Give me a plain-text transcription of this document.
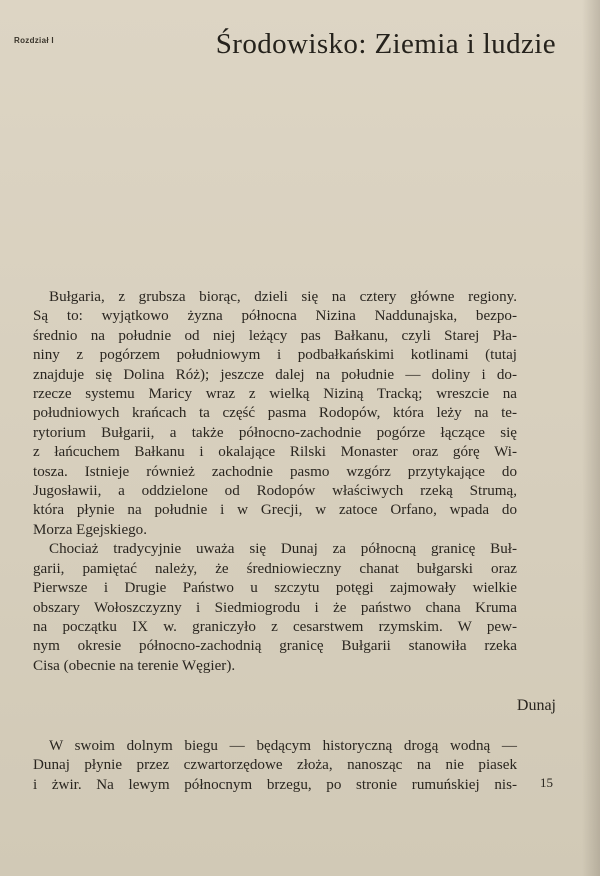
Rozdział I	Środowisko: Ziemia i ludzie

Bułgaria, z grubsza biorąc, dzieli się na cztery główne regiony.
Są to: wyjątkowo żyzna północna Nizina Naddunajska, bezpo-
średnio na południe od niej leżący pas Bałkanu, czyli Starej Pła-
niny z pogórzem południowym i podbałkańskimi kotlinami (tutaj
znajduje się Dolina Róż); jeszcze dalej na południe — doliny i do-
rzecze systemu Maricy wraz z wielką Niziną Tracką; wreszcie na
południowych krańcach ta część pasma Rodopów, która leży na te-
rytorium Bułgarii, a także północno-zachodnie pogórze łączące się
z łańcuchem Bałkanu i okalające Rilski Monaster oraz górę Wi-
tosza. Istnieje również zachodnie pasmo wzgórz przytykające do
Jugosławii, a oddzielone od Rodopów właściwych rzeką Strumą,
która płynie na południe i w Grecji, w zatoce Orfano, wpada do
Morza Egejskiego.

Chociaż tradycyjnie uważa się Dunaj za północną granicę Buł-
garii, pamiętać należy, że średniowieczny chanat bułgarski oraz
Pierwsze i Drugie Państwo u szczytu potęgi zajmowały wielkie
obszary Wołoszczyzny i Siedmiogrodu i że państwo chana Kruma
na początku IX w. graniczyło z cesarstwem rzymskim. W pew-
nym okresie północno-zachodnią granicę Bułgarii stanowiła rzeka
Cisa (obecnie na terenie Węgier).

Dunaj
W swoim dolnym biegu — będącym historyczną drogą wodną —
Dunaj płynie przez czwartorzędowe złoża, nanosząc na nie piasek
i żwir. Na lewym północnym brzegu, po stronie rumuńskiej nis- 15
